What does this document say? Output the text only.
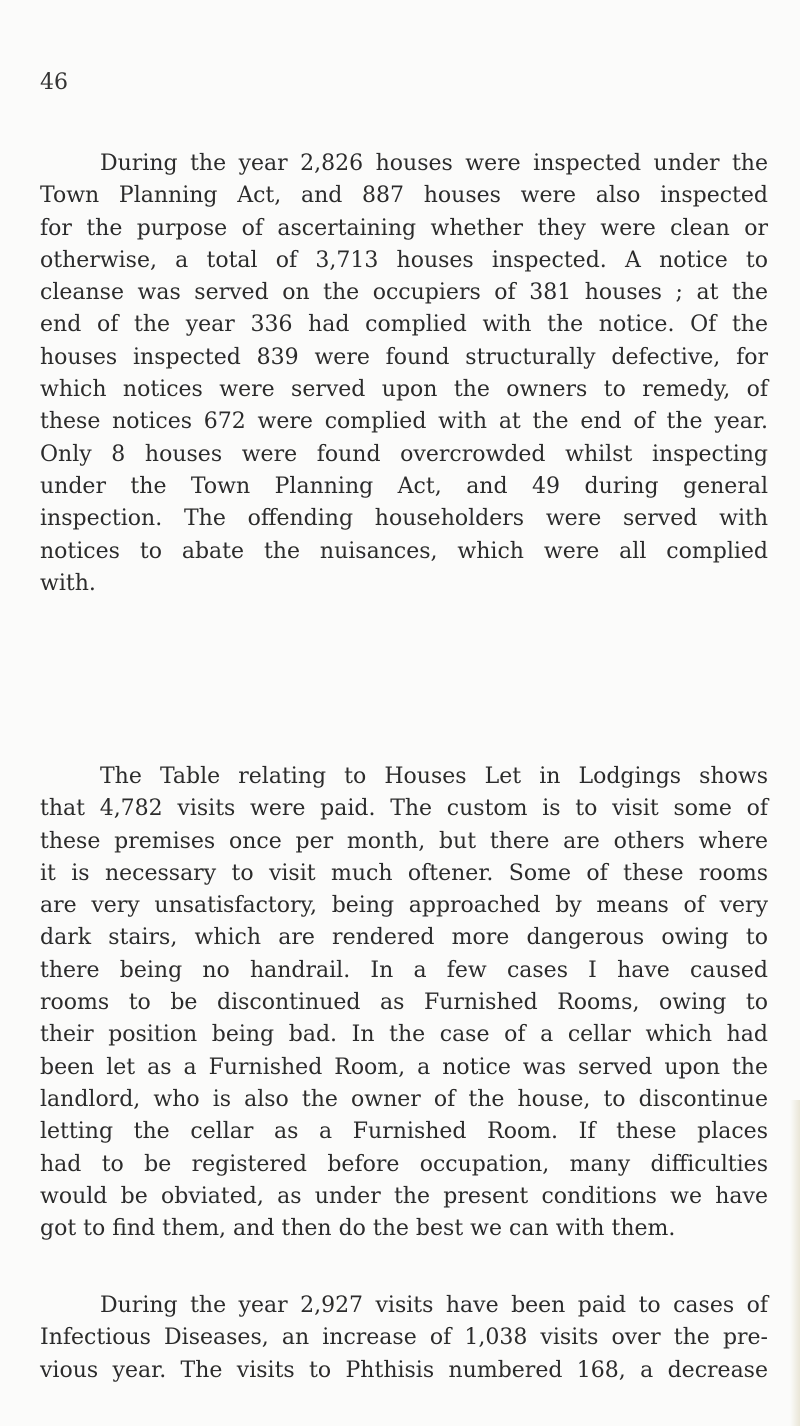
46
During the year 2,826 houses were inspected under the
Town Planning Act, and 887 houses were also inspected
for the purpose of ascertaining whether they were clean or
otherwise, a total of 3,713 houses inspected. A notice to
cleanse was served on the occupiers of 381 houses ; at the
end of the year 336 had complied with the notice. Of the
houses inspected 839 were found structurally defective, for
which notices were served upon the owners to remedy, of
these notices 672 were complied with at the end of the year.
Only 8 houses were found overcrowded whilst inspecting
under the Town Planning Act, and 49 during general
inspection. The offending householders were served with
notices to abate the nuisances, which were all complied
with.
The Table relating to Houses Let in Lodgings shows
that 4,782 visits were paid. The custom is to visit some of
these premises once per month, but there are others where
it is necessary to visit much oftener. Some of these rooms
are very unsatisfactory, being approached by means of very
dark stairs, which are rendered more dangerous owing to
there being no handrail. In a few cases I have caused
rooms to be discontinued as Furnished Rooms, owing to
their position being bad. In the case of a cellar which had
been let as a Furnished Room, a notice was served upon the
landlord, who is also the owner of the house, to discontinue
letting the cellar as a Furnished Room. If these places
had to be registered before occupation, many difficulties
would be obviated, as under the present conditions we have
got to find them, and then do the best we can with them.
During the year 2,927 visits have been paid to cases of
Infectious Diseases, an increase of 1,038 visits over the pre-
vious year. The visits to Phthisis numbered 168, a decrease
